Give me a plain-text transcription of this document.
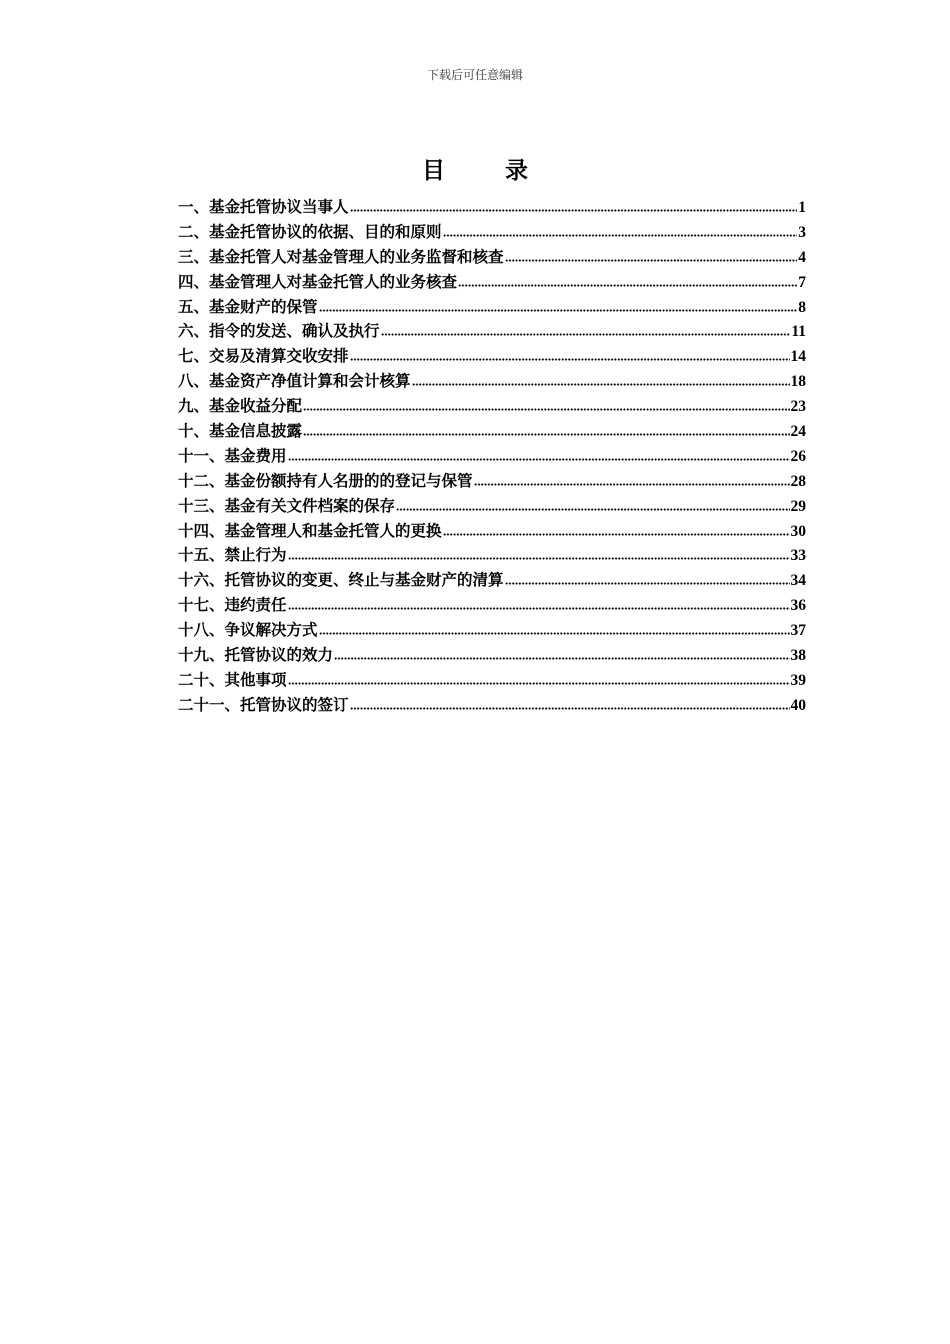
下载后可任意编辑
目 录
一、基金托管协议当事人	1
二、基金托管协议的依据、目的和原则	3
三、基金托管人对基金管理人的业务监督和核查	4
四、基金管理人对基金托管人的业务核查	7
五、基金财产的保管	8
六、指令的发送、确认及执行	11
七、交易及清算交收安排	14
八、基金资产净值计算和会计核算	18
九、基金收益分配	23
十、基金信息披露	24
十一、基金费用	26
十二、基金份额持有人名册的的登记与保管	28
十三、基金有关文件档案的保存	29
十四、基金管理人和基金托管人的更换	30
十五、禁止行为	33
十六、托管协议的变更、终止与基金财产的清算	34
十七、违约责任	36
十八、争议解决方式	37
十九、托管协议的效力	38
二十、其他事项	39
二十一、托管协议的签订	40
